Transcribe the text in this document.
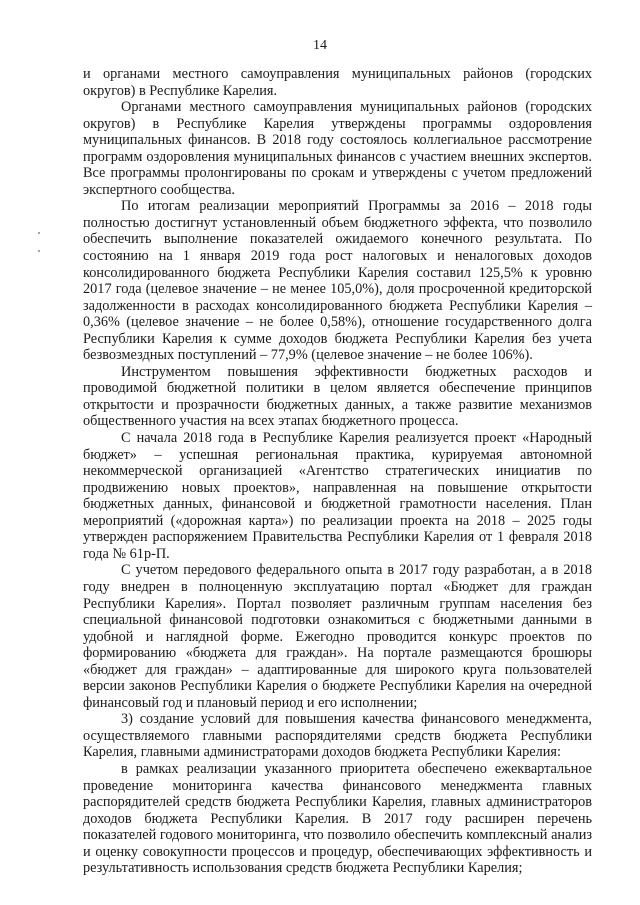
14

и органами местного самоуправления муниципальных районов (городских округов) в Республике Карелия.

Органами местного самоуправления муниципальных районов (городских округов) в Республике Карелия утверждены программы оздоровления муниципальных финансов. В 2018 году состоялось коллегиальное рассмотрение программ оздоровления муниципальных финансов с участием внешних экспертов. Все программы пролонгированы по срокам и утверждены с учетом предложений экспертного сообщества.

По итогам реализации мероприятий Программы за 2016 – 2018 годы полностью достигнут установленный объем бюджетного эффекта, что позволило обеспечить выполнение показателей ожидаемого конечного результата. По состоянию на 1 января 2019 года рост налоговых и неналоговых доходов консолидированного бюджета Республики Карелия составил 125,5% к уровню 2017 года (целевое значение – не менее 105,0%), доля просроченной кредиторской задолженности в расходах консолидированного бюджета Республики Карелия – 0,36% (целевое значение – не более 0,58%), отношение государственного долга Республики Карелия к сумме доходов бюджета Республики Карелия без учета безвозмездных поступлений – 77,9% (целевое значение – не более 106%).

Инструментом повышения эффективности бюджетных расходов и проводимой бюджетной политики в целом является обеспечение принципов открытости и прозрачности бюджетных данных, а также развитие механизмов общественного участия на всех этапах бюджетного процесса.

С начала 2018 года в Республике Карелия реализуется проект «Народный бюджет» – успешная региональная практика, курируемая автономной некоммерческой организацией «Агентство стратегических инициатив по продвижению новых проектов», направленная на повышение открытости бюджетных данных, финансовой и бюджетной грамотности населения. План мероприятий («дорожная карта») по реализации проекта на 2018 – 2025 годы утвержден распоряжением Правительства Республики Карелия от 1 февраля 2018 года № 61р-П.

С учетом передового федерального опыта в 2017 году разработан, а в 2018 году внедрен в полноценную эксплуатацию портал «Бюджет для граждан Республики Карелия». Портал позволяет различным группам населения без специальной финансовой подготовки ознакомиться с бюджетными данными в удобной и наглядной форме. Ежегодно проводится конкурс проектов по формированию «бюджета для граждан». На портале размещаются брошюры «бюджет для граждан» – адаптированные для широкого круга пользователей версии законов Республики Карелия о бюджете Республики Карелия на очередной финансовый год и плановый период и его исполнении;

3) создание условий для повышения качества финансового менеджмента, осуществляемого главными распорядителями средств бюджета Республики Карелия, главными администраторами доходов бюджета Республики Карелия:

в рамках реализации указанного приоритета обеспечено ежеквартальное проведение мониторинга качества финансового менеджмента главных распорядителей средств бюджета Республики Карелия, главных администраторов доходов бюджета Республики Карелия. В 2017 году расширен перечень показателей годового мониторинга, что позволило обеспечить комплексный анализ и оценку совокупности процессов и процедур, обеспечивающих эффективность и результативность использования средств бюджета Республики Карелия;
